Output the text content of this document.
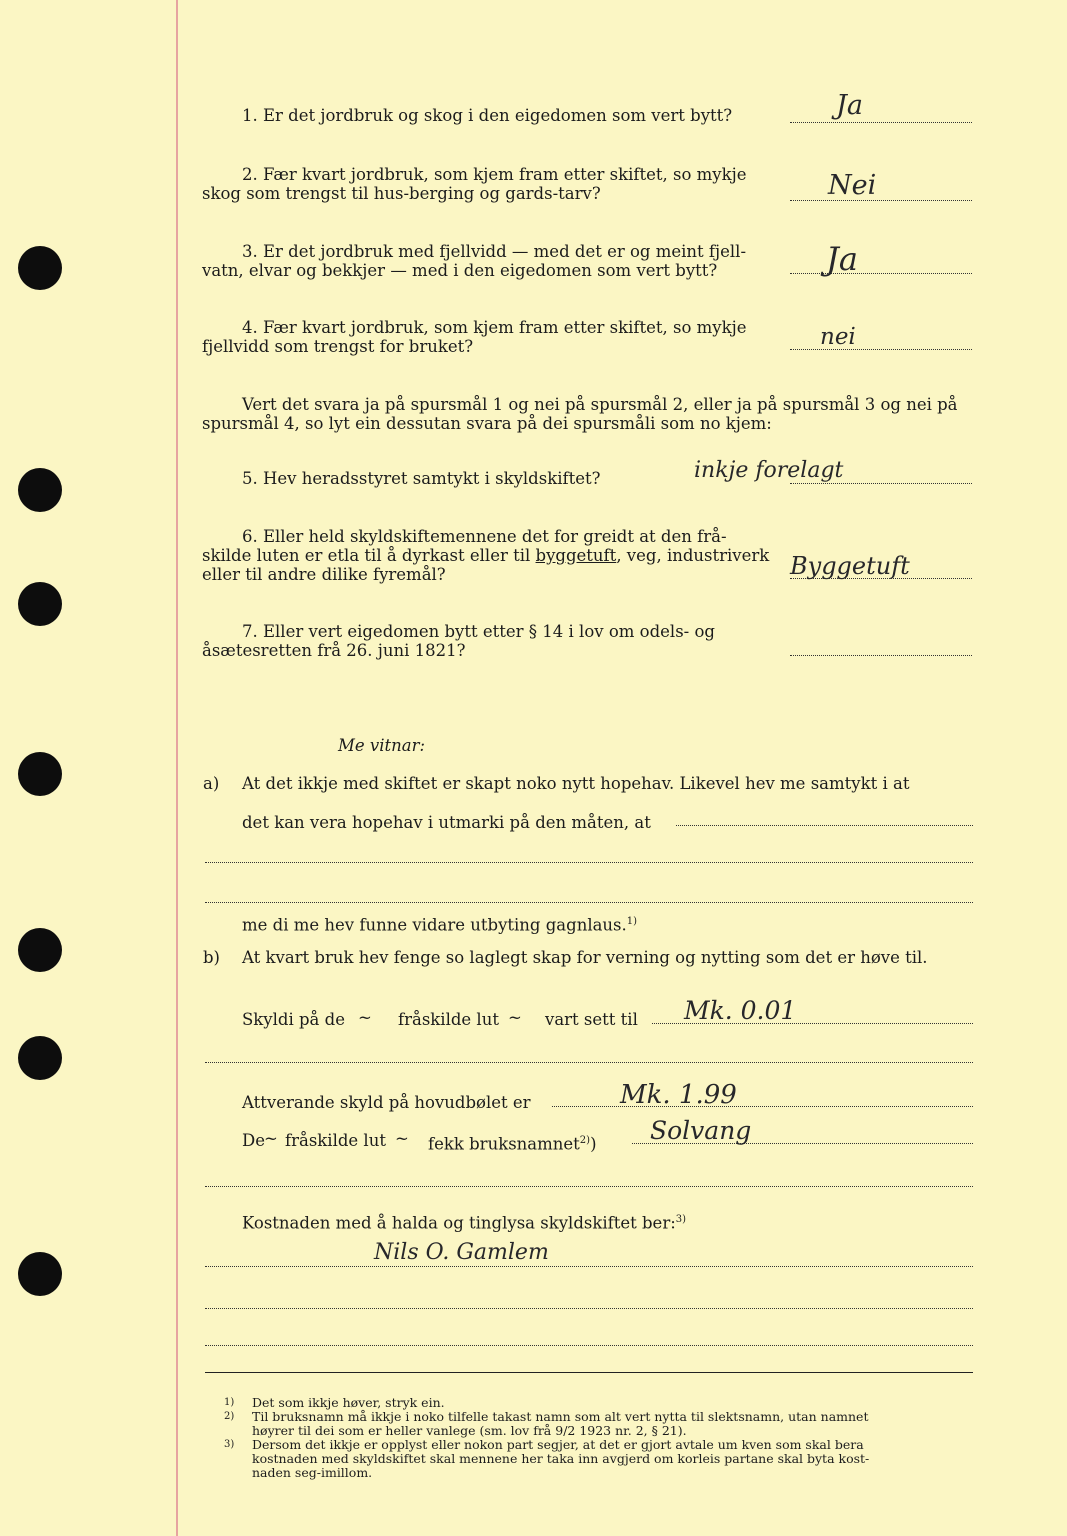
1. Er det jordbruk og skog i den eigedomen som vert bytt?	Ja
2. Fær kvart jordbruk, som kjem fram etter skiftet, so mykje
skog som trengst til hus-berging og gards-tarv?	Nei
3. Er det jordbruk med fjellvidd — med det er og meint fjell-
vatn, elvar og bekkjer — med i den eigedomen som vert bytt?	Ja
4. Fær kvart jordbruk, som kjem fram etter skiftet, so mykje
fjellvidd som trengst for bruket?	nei
Vert det svara ja på spursmål 1 og nei på spursmål 2, eller ja på spursmål 3 og nei på
spursmål 4, so lyt ein dessutan svara på dei spursmåli som no kjem:
5. Hev heradsstyret samtykt i skyldskiftet?	inkje forelagt
6. Eller held skyldskiftemennene det for greidt at den frå-
skilde luten er etla til å dyrkast eller til byggetuft, veg, industriverk
eller til andre dilike fyremål?	Byggetuft
7. Eller vert eigedomen bytt etter § 14 i lov om odels- og
åsætesretten frå 26. juni 1821?
Me vitnar:
a) At det ikkje med skiftet er skapt noko nytt hopehav. Likevel hev me samtykt i at
det kan vera hopehav i utmarki på den måten, at
me di me hev funne vidare utbyting gagnlaus.$^{1)}$
b) At kvart bruk hev fenge so laglegt skap for verning og nytting som det er høve til.
Skyldi på de ~ fråskilde lut ~ vart sett til Mk. 0.01
Attverande skyld på hovudbølet er	Mk. 1.99
De ~ fråskilde lut ~ fekk bruksnamnet$^{2)}$) Solvang
Kostnaden med å halda og tinglysa skyldskiftet ber:$^{3)}$
Nils O. Gamlem
1) Det som ikkje høver, stryk ein.
2) Til bruksnamn må ikkje i noko tilfelle takast namn som alt vert nytta til slektsnamn, utan namnet
høyrer til dei som er heller vanlege (sm. lov frå 9/2 1923 nr. 2, § 21).
3) Dersom det ikkje er opplyst eller nokon part segjer, at det er gjort avtale um kven som skal bera
kostnaden med skyldskiftet skal mennene her taka inn avgjerd om korleis partane skal byta kost-
naden seg-imillom.
